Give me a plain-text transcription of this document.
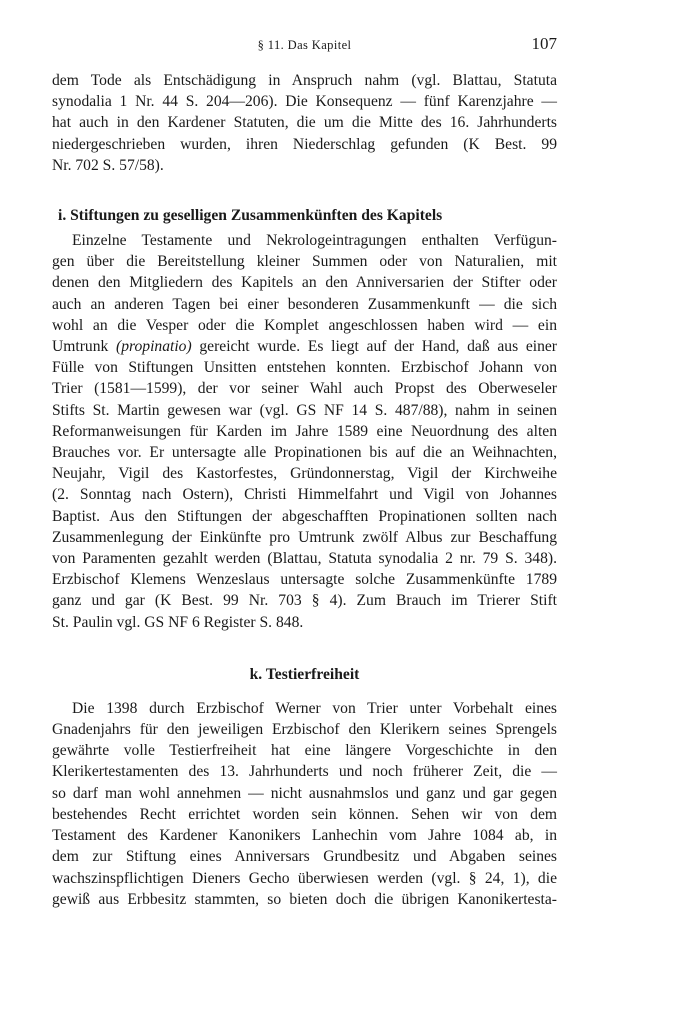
§ 11. Das Kapitel	107

dem Tode als Entschädigung in Anspruch nahm (vgl. Blattau, Statuta
synodalia 1 Nr. 44 S. 204—206). Die Konsequenz — fünf Karenzjahre —
hat auch in den Kardener Statuten, die um die Mitte des 16. Jahrhunderts
niedergeschrieben wurden, ihren Niederschlag gefunden (K Best. 99
Nr. 702 S. 57/58).

i. Stiftungen zu geselligen Zusammenkünften des Kapitels

Einzelne Testamente und Nekrologeintragungen enthalten Verfügun-
gen über die Bereitstellung kleiner Summen oder von Naturalien, mit
denen den Mitgliedern des Kapitels an den Anniversarien der Stifter oder
auch an anderen Tagen bei einer besonderen Zusammenkunft — die sich
wohl an die Vesper oder die Komplet angeschlossen haben wird — ein
Umtrunk (propinatio) gereicht wurde. Es liegt auf der Hand, daß aus einer
Fülle von Stiftungen Unsitten entstehen konnten. Erzbischof Johann von
Trier (1581—1599), der vor seiner Wahl auch Propst des Oberweseler
Stifts St. Martin gewesen war (vgl. GS NF 14 S. 487/88), nahm in seinen
Reformanweisungen für Karden im Jahre 1589 eine Neuordnung des alten
Brauches vor. Er untersagte alle Propinationen bis auf die an Weihnachten,
Neujahr, Vigil des Kastorfestes, Gründonnerstag, Vigil der Kirchweihe
(2. Sonntag nach Ostern), Christi Himmelfahrt und Vigil von Johannes
Baptist. Aus den Stiftungen der abgeschafften Propinationen sollten nach
Zusammenlegung der Einkünfte pro Umtrunk zwölf Albus zur Beschaffung
von Paramenten gezahlt werden (Blattau, Statuta synodalia 2 nr. 79 S. 348).
Erzbischof Klemens Wenzeslaus untersagte solche Zusammenkünfte 1789
ganz und gar (K Best. 99 Nr. 703 § 4). Zum Brauch im Trierer Stift
St. Paulin vgl. GS NF 6 Register S. 848.

k. Testierfreiheit

Die 1398 durch Erzbischof Werner von Trier unter Vorbehalt eines
Gnadenjahrs für den jeweiligen Erzbischof den Klerikern seines Sprengels
gewährte volle Testierfreiheit hat eine längere Vorgeschichte in den
Klerikertestamenten des 13. Jahrhunderts und noch früherer Zeit, die —
so darf man wohl annehmen — nicht ausnahmslos und ganz und gar gegen
bestehendes Recht errichtet worden sein können. Sehen wir von dem
Testament des Kardener Kanonikers Lanhechin vom Jahre 1084 ab, in
dem zur Stiftung eines Anniversars Grundbesitz und Abgaben seines
wachszinspflichtigen Dieners Gecho überwiesen werden (vgl. § 24, 1), die
gewiß aus Erbbesitz stammten, so bieten doch die übrigen Kanonikertesta-
